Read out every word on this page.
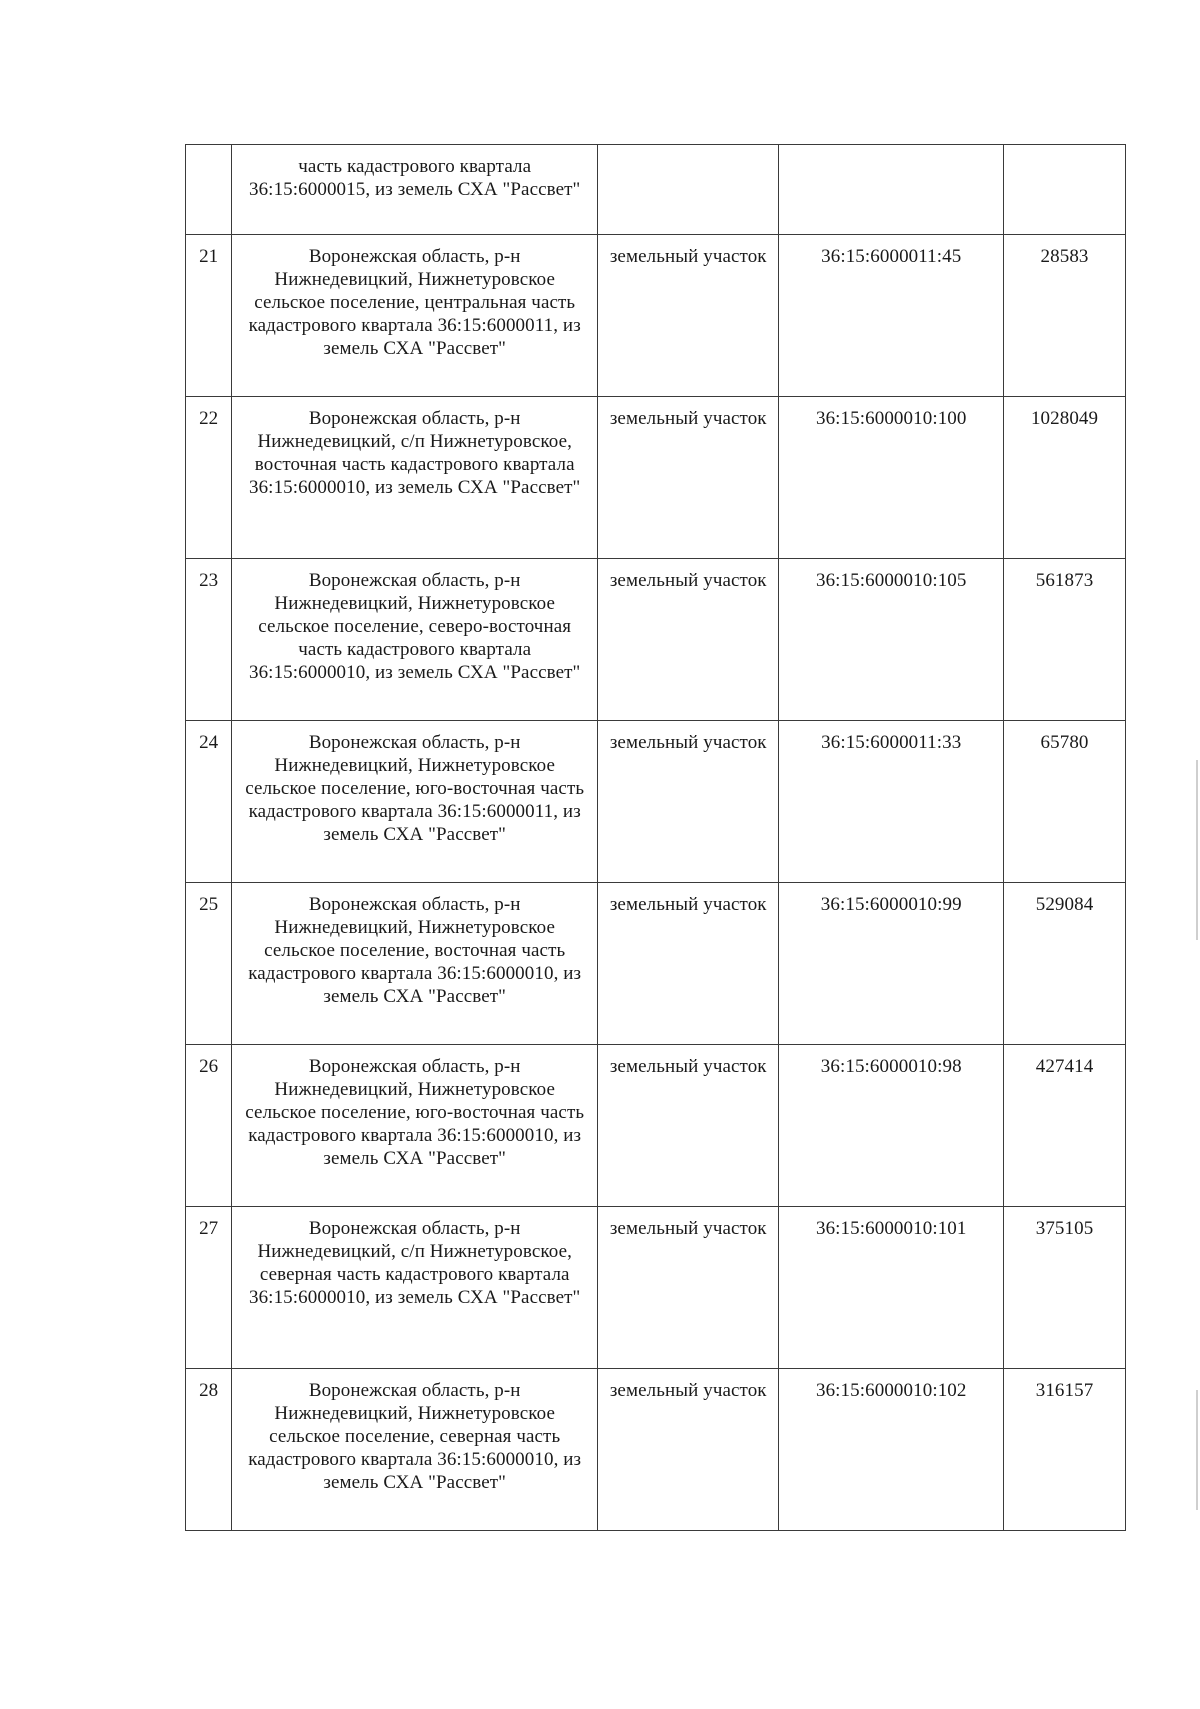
	часть кадастрового квартала 36:15:6000015, из земель СХА "Рассвет"			
21	Воронежская область, р-н Нижнедевицкий, Нижнетуровское сельское поселение, центральная часть кадастрового квартала 36:15:6000011, из земель СХА "Рассвет"	земельный участок	36:15:6000011:45	28583
22	Воронежская область, р-н Нижнедевицкий, с/п Нижнетуровское, восточная часть кадастрового квартала 36:15:6000010, из земель СХА "Рассвет"	земельный участок	36:15:6000010:100	1028049
23	Воронежская область, р-н Нижнедевицкий, Нижнетуровское сельское поселение, северо-восточная часть кадастрового квартала 36:15:6000010, из земель СХА "Рассвет"	земельный участок	36:15:6000010:105	561873
24	Воронежская область, р-н Нижнедевицкий, Нижнетуровское сельское поселение, юго-восточная часть кадастрового квартала 36:15:6000011, из земель СХА "Рассвет"	земельный участок	36:15:6000011:33	65780
25	Воронежская область, р-н Нижнедевицкий, Нижнетуровское сельское поселение, восточная часть кадастрового квартала 36:15:6000010, из земель СХА "Рассвет"	земельный участок	36:15:6000010:99	529084
26	Воронежская область, р-н Нижнедевицкий, Нижнетуровское сельское поселение, юго-восточная часть кадастрового квартала 36:15:6000010, из земель СХА "Рассвет"	земельный участок	36:15:6000010:98	427414
27	Воронежская область, р-н Нижнедевицкий, с/п Нижнетуровское, северная часть кадастрового квартала 36:15:6000010, из земель СХА "Рассвет"	земельный участок	36:15:6000010:101	375105
28	Воронежская область, р-н Нижнедевицкий, Нижнетуровское сельское поселение, северная часть кадастрового квартала 36:15:6000010, из земель СХА "Рассвет"	земельный участок	36:15:6000010:102	316157
